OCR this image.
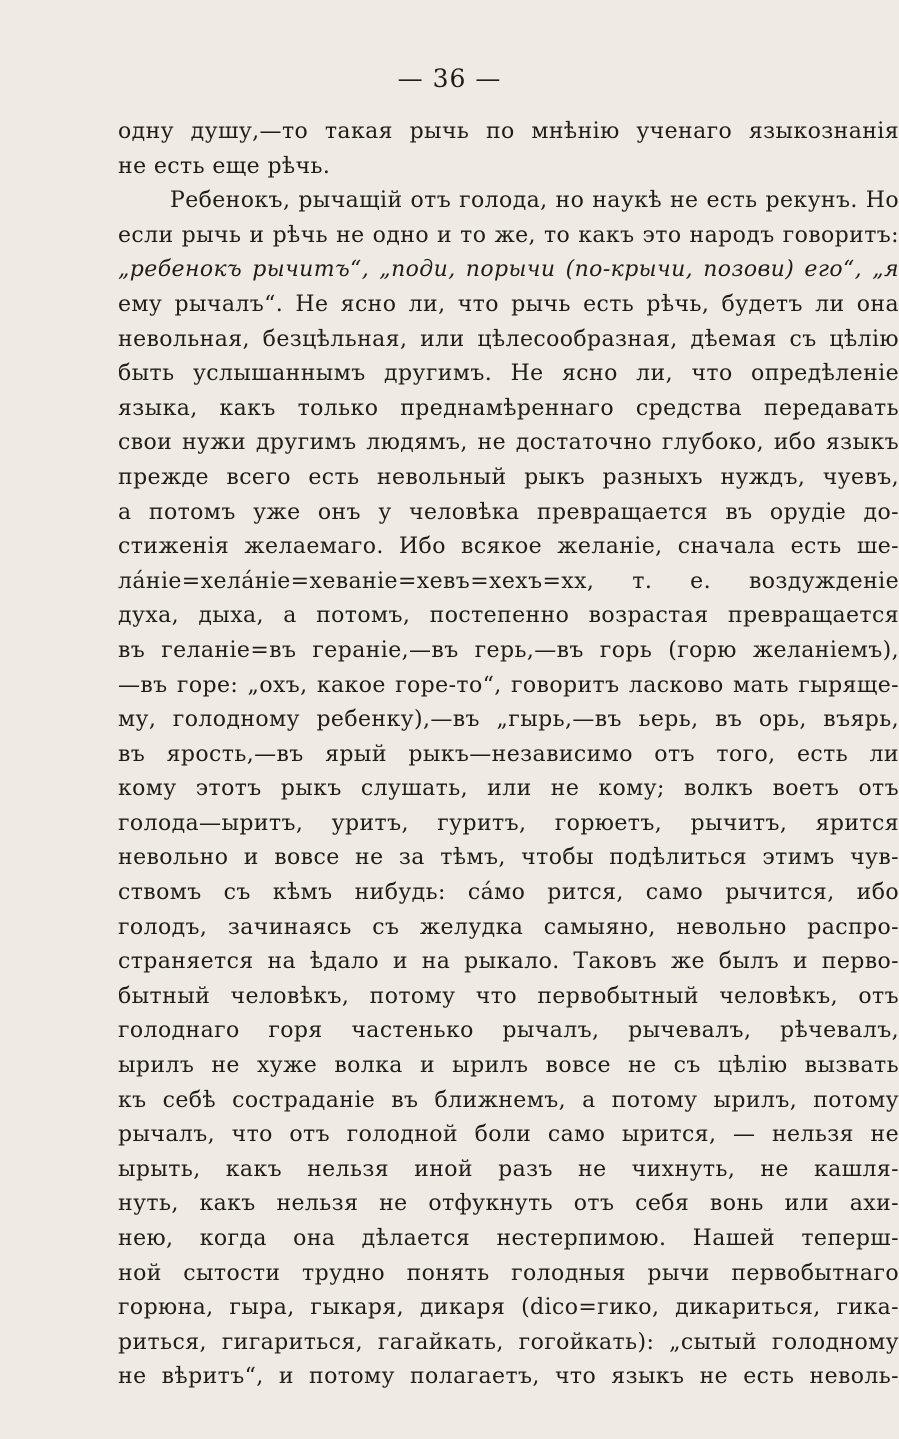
— 36 —
одну душу,—то такая рычь по мнѣнію ученаго языкознанія
не есть еще рѣчь.
Ребенокъ, рычащій отъ голода, но наукѣ не есть рекунъ. Но
если рычь и рѣчь не одно и то же, то какъ это народъ говоритъ:
„ребенокъ рычитъ“, „поди, порычи (по-крычи, позови) его“, „я
ему рычалъ“. Не ясно ли, что рычь есть рѣчь, будетъ ли она
невольная, безцѣльная, или цѣлесообразная, дѣемая съ цѣлію
быть услышаннымъ другимъ. Не ясно ли, что опредѣленіе
языка, какъ только преднамѣреннаго средства передавать
свои нужи другимъ людямъ, не достаточно глубоко, ибо языкъ
прежде всего есть невольный рыкъ разныхъ нуждъ, чуевъ,
а потомъ уже онъ у человѣка превращается въ орудіе до-
стиженія желаемаго. Ибо всякое желаніе, сначала есть ше-
ла́ніе=хела́ніе=хеваніе=хевъ=хехъ=хх, т. е. воздужденіе
духа, дыха, а потомъ, постепенно возрастая превращается
въ геланіе=въ гераніе,—въ герь,—въ горь (горю желаніемъ),
—въ горе: „охъ, какое горе-то“, говоритъ ласково мать гыряще-
му, голодному ребенку),—въ „гырь,—въ ьерь, въ орь, въярь,
въ ярость,—въ ярый рыкъ—независимо отъ того, есть ли
кому этотъ рыкъ слушать, или не кому; волкъ воетъ отъ
голода—ыритъ, уритъ, гуритъ, горюетъ, рычитъ, ярится
невольно и вовсе не за тѣмъ, чтобы подѣлиться этимъ чув-
ствомъ съ кѣмъ нибудь: са́мо рится, само рычится, ибо
голодъ, зачинаясь съ желудка самыяно, невольно распро-
страняется на ѣдало и на рыкало. Таковъ же былъ и перво-
бытный человѣкъ, потому что первобытный человѣкъ, отъ
голоднаго горя частенько рычалъ, рычевалъ, рѣчевалъ,
ырилъ не хуже волка и ырилъ вовсе не съ цѣлію вызвать
къ себѣ состраданіе въ ближнемъ, а потому ырилъ, потому
рычалъ, что отъ голодной боли само ырится, — нельзя не
ырыть, какъ нельзя иной разъ не чихнуть, не кашля-
нуть, какъ нельзя не отфукнуть отъ себя вонь или ахи-
нею, когда она дѣлается нестерпимою. Нашей теперш-
ной сытости трудно понять голодныя рычи первобытнаго
горюна, гыра, гыкаря, дикаря (dico=гико, дикариться, гика-
риться, гигариться, гагайкать, гогойкать): „сытый голодному
не вѣритъ“, и потому полагаетъ, что языкъ не есть неволь-
